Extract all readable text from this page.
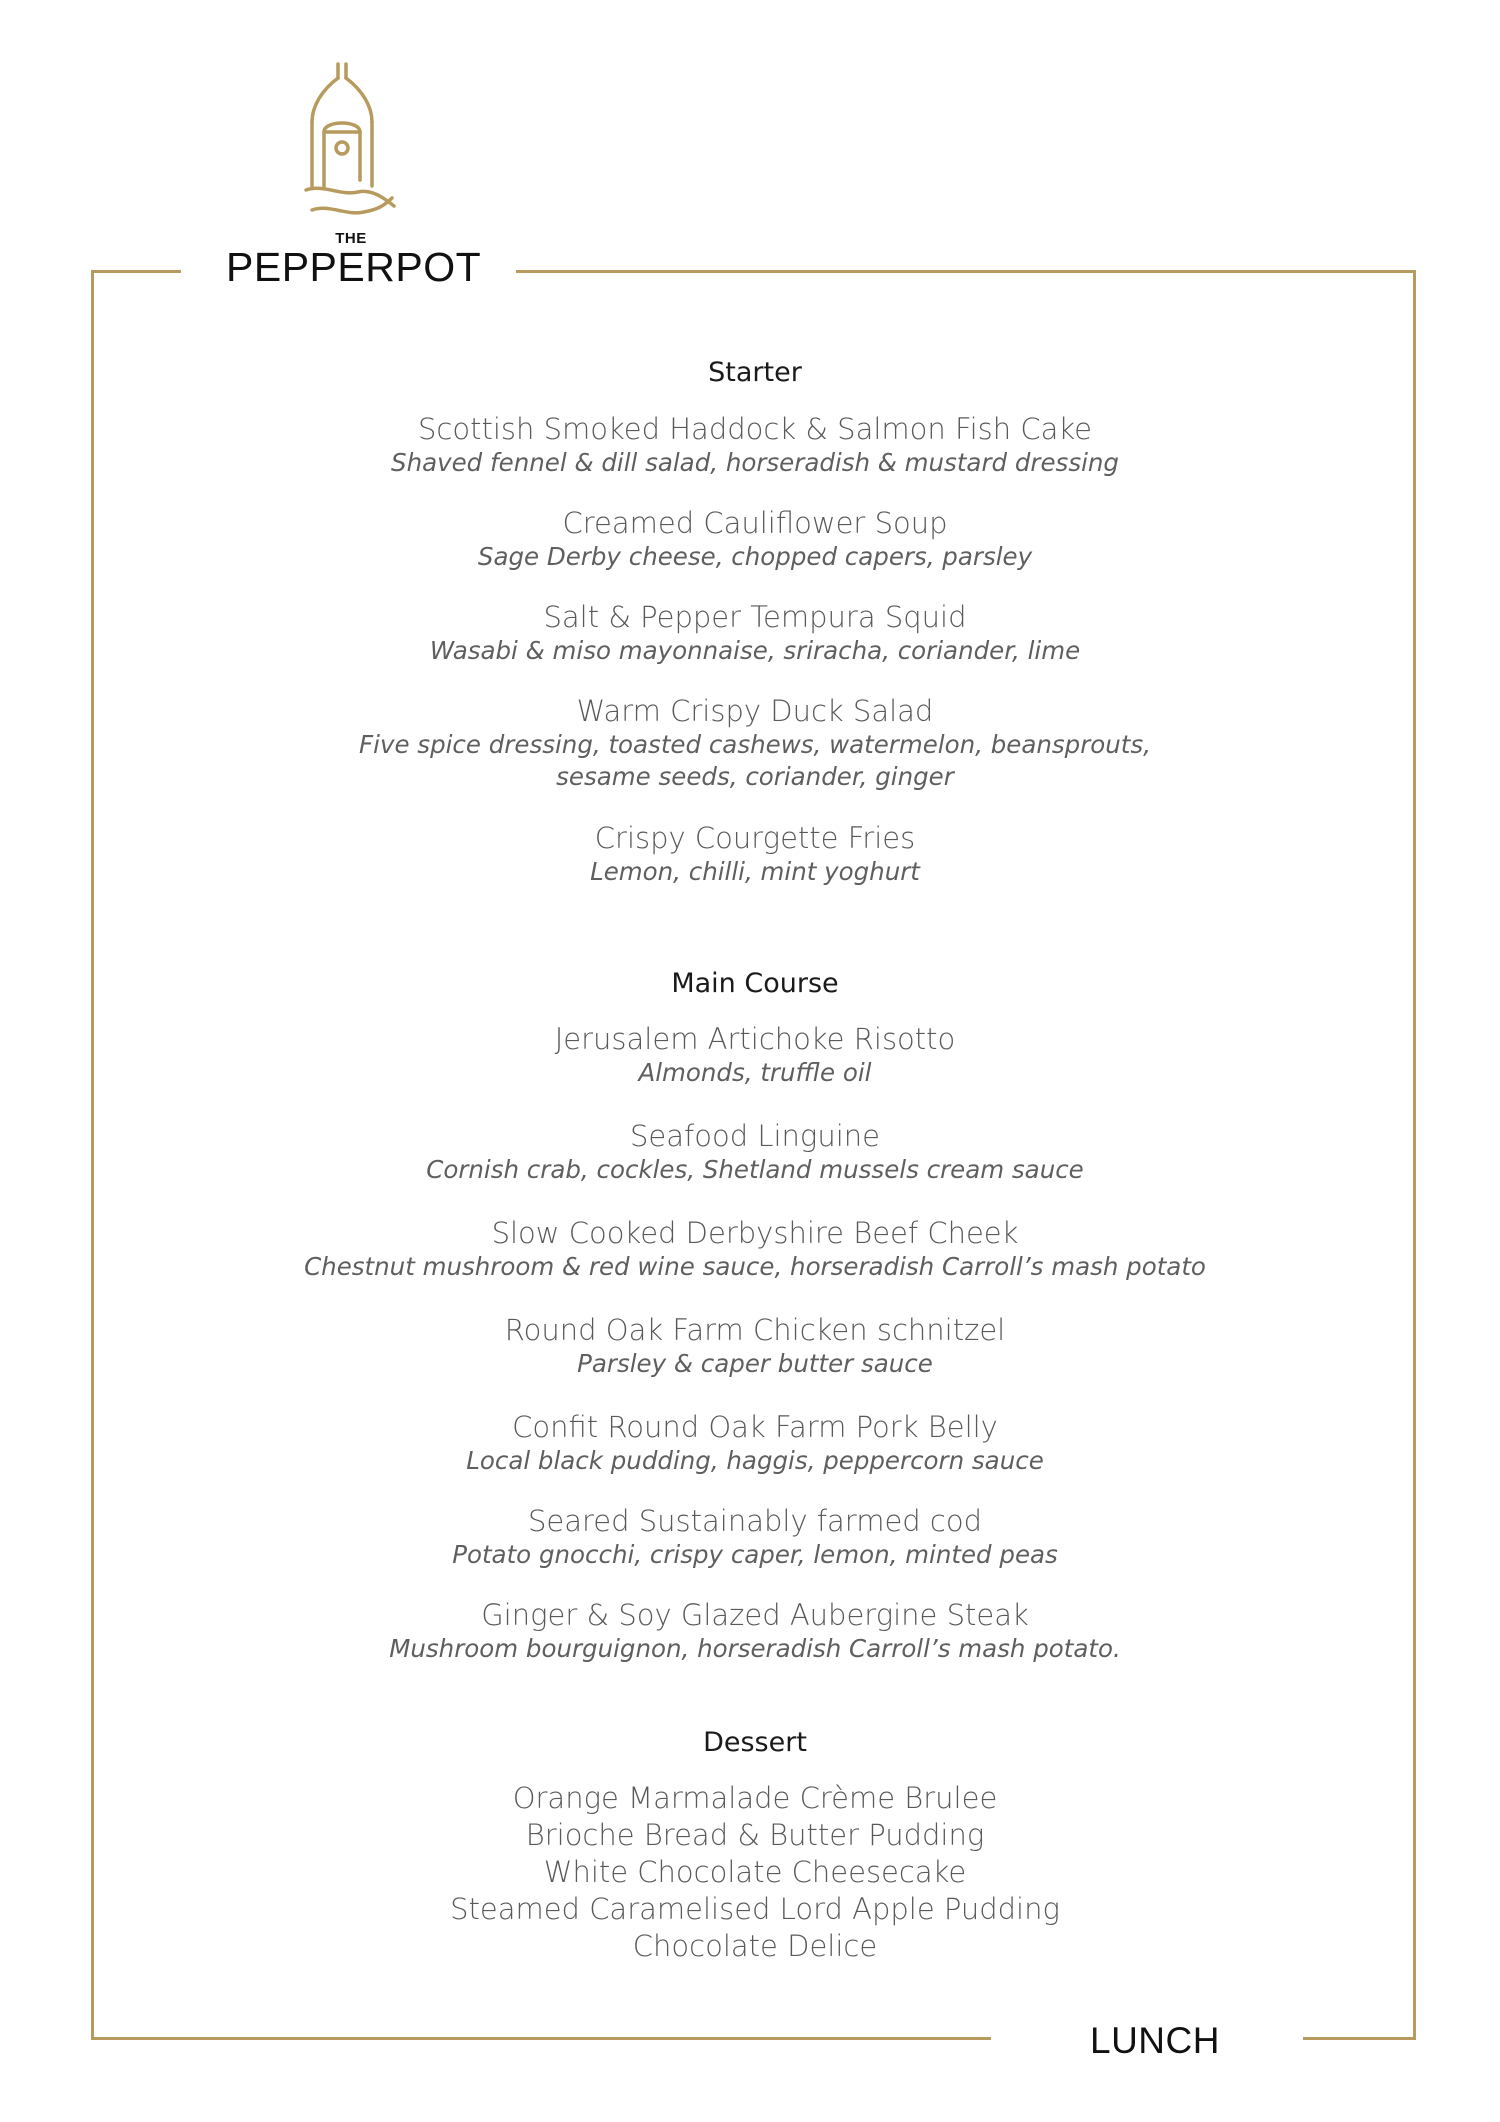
THE
PEPPERPOT
Starter
Scottish Smoked Haddock & Salmon Fish Cake
Shaved fennel & dill salad, horseradish & mustard dressing
Creamed Cauliflower Soup
Sage Derby cheese, chopped capers, parsley
Salt & Pepper Tempura Squid
Wasabi & miso mayonnaise, sriracha, coriander, lime
Warm Crispy Duck Salad
Five spice dressing, toasted cashews, watermelon, beansprouts,
sesame seeds, coriander, ginger
Crispy Courgette Fries
Lemon, chilli, mint yoghurt
Main Course
Jerusalem Artichoke Risotto
Almonds, truffle oil
Seafood Linguine
Cornish crab, cockles, Shetland mussels cream sauce
Slow Cooked Derbyshire Beef Cheek
Chestnut mushroom & red wine sauce, horseradish Carroll’s mash potato
Round Oak Farm Chicken schnitzel
Parsley & caper butter sauce
Confit Round Oak Farm Pork Belly
Local black pudding, haggis, peppercorn sauce
Seared Sustainably farmed cod
Potato gnocchi, crispy caper, lemon, minted peas
Ginger & Soy Glazed Aubergine Steak
Mushroom bourguignon, horseradish Carroll’s mash potato.
Dessert
Orange Marmalade Crème Brulee
Brioche Bread & Butter Pudding
White Chocolate Cheesecake
Steamed Caramelised Lord Apple Pudding
Chocolate Delice
LUNCH
